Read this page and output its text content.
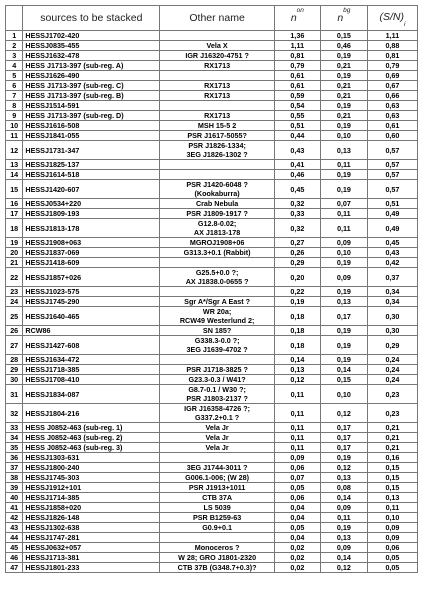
	sources to be stacked	Other name	$n^{on}$	$n^{bg}$	$(S/N)_i$
1	HESSJ1702-420		1,36	0,15	1,11
2	HESSJ0835-455	Vela X	1,11	0,46	0,88
3	HESSJ1632-478	IGR J16320-4751 ?	0,81	0,19	0,81
4	HESS J1713-397 (sub-reg. A)	RX1713	0,79	0,21	0,79
5	HESSJ1626-490		0,61	0,19	0,69
6	HESS J1713-397 (sub-reg. C)	RX1713	0,61	0,21	0,67
7	HESS J1713-397 (sub-reg. B)	RX1713	0,59	0,21	0,66
8	HESSJ1514-591		0,54	0,19	0,63
9	HESS J1713-397 (sub-reg. D)	RX1713	0,55	0,21	0,63
10	HESSJ1616-508	MSH 15-5 2	0,51	0,19	0,61
11	HESSJ1841-055	PSR J1617-5055?	0,44	0,10	0,60
12	HESSJ1731-347	PSR J1826-1334;
3EG J1826-1302 ?	0,43	0,13	0,57
13	HESSJ1825-137		0,41	0,11	0,57
14	HESSJ1614-518		0,46	0,19	0,57
15	HESSJ1420-607	PSR J1420-6048 ?
(Kookaburra)	0,45	0,19	0,57
16	HESSJ0534+220	Crab Nebula	0,32	0,07	0,51
17	HESSJ1809-193	PSR J1809-1917 ?	0,33	0,11	0,49
18	HESSJ1813-178	G12.8-0.02;
AX J1813-178	0,32	0,11	0,49
19	HESSJ1908+063	MGROJ1908+06	0,27	0,09	0,45
20	HESSJ1837-069	G313.3+0.1 (Rabbit)	0,26	0,10	0,43
21	HESSJ1418-609		0,29	0,19	0,42
22	HESSJ1857+026	G25.5+0.0 ?;
AX J1838.0-0655 ?	0,20	0,09	0,37
23	HESSJ1023-575		0,22	0,19	0,34
24	HESSJ1745-290	Sgr A*/Sgr A East ?	0,19	0,13	0,34
25	HESSJ1640-465	WR 20a;
RCW49 Westerlund 2;	0,18	0,17	0,30
26	RCW86	SN 185?	0,18	0,19	0,30
27	HESSJ1427-608	G338.3-0.0 ?;
3EG J1639-4702 ?	0,18	0,19	0,29
28	HESSJ1634-472		0,14	0,19	0,24
29	HESSJ1718-385	PSR J1718-3825 ?	0,13	0,14	0,24
30	HESSJ1708-410	G23.3-0.3 / W41?	0,12	0,15	0,24
31	HESSJ1834-087	G8.7-0.1 / W30 ?;
PSR J1803-2137 ?	0,11	0,10	0,23
32	HESSJ1804-216	IGR J16358-4726 ?;
G337.2+0.1 ?	0,11	0,12	0,23
33	HESS J0852-463 (sub-reg. 1)	Vela Jr	0,11	0,17	0,21
34	HESS J0852-463 (sub-reg. 2)	Vela Jr	0,11	0,17	0,21
35	HESS J0852-463 (sub-reg. 3)	Vela Jr	0,11	0,17	0,21
36	HESSJ1303-631		0,09	0,19	0,16
37	HESSJ1800-240	3EG J1744-3011 ?	0,06	0,12	0,15
38	HESSJ1745-303	G006.1-006; (W 28)	0,07	0,13	0,15
39	HESSJ1912+101	PSR J1913+1011	0,05	0,08	0,15
40	HESSJ1714-385	CTB 37A	0,06	0,14	0,13
41	HESSJ1858+020	LS 5039	0,04	0,09	0,11
42	HESSJ1826-148	PSR B1259-63	0,04	0,11	0,10
43	HESSJ1302-638	G0.9+0.1	0,05	0,19	0,09
44	HESSJ1747-281		0,04	0,13	0,09
45	HESSJ0632+057	Monoceros ?	0,02	0,09	0,06
46	HESSJ1713-381	W 28; GRO J1801-2320	0,02	0,14	0,05
47	HESSJ1801-233	CTB 37B (G348.7+0.3)?	0,02	0,12	0,05
